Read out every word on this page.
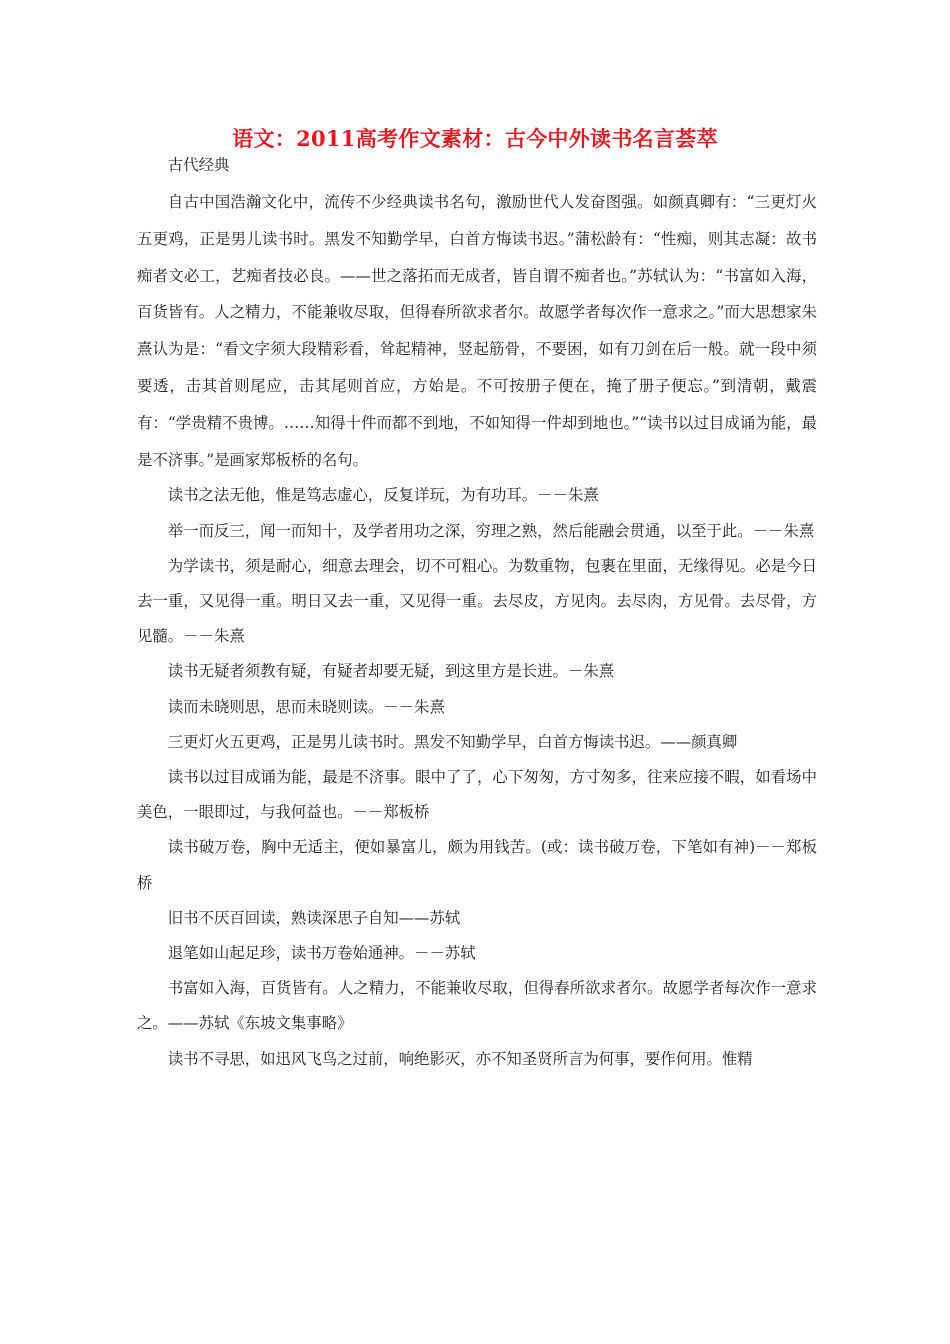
语文：2011高考作文素材：古今中外读书名言荟萃

古代经典

自古中国浩瀚文化中，流传不少经典读书名句，激励世代人发奋图强。如颜真卿有：“三更灯火五更鸡，正是男儿读书时。黑发不知勤学早，白首方悔读书迟。”蒲松龄有：“性痴，则其志凝：故书痴者文必工，艺痴者技必良。——世之落拓而无成者，皆自谓不痴者也。”苏轼认为：“书富如入海，百货皆有。人之精力，不能兼收尽取，但得春所欲求者尔。故愿学者每次作一意求之。”而大思想家朱熹认为是：“看文字须大段精彩看，耸起精神，竖起筋骨，不要困，如有刀剑在后一般。就一段中须要透，击其首则尾应，击其尾则首应，方始是。不可按册子便在，掩了册子便忘。”到清朝，戴震有：“学贵精不贵博。……知得十件而都不到地，不如知得一件却到地也。”“读书以过目成诵为能，最是不济事。”是画家郑板桥的名句。

读书之法无他，惟是笃志虚心，反复详玩，为有功耳。－－朱熹

举一而反三，闻一而知十，及学者用功之深，穷理之熟，然后能融会贯通，以至于此。－－朱熹

为学读书，须是耐心，细意去理会，切不可粗心。为数重物，包裹在里面，无缘得见。必是今日去一重，又见得一重。明日又去一重，又见得一重。去尽皮，方见肉。去尽肉，方见骨。去尽骨，方见髓。－－朱熹

读书无疑者须教有疑，有疑者却要无疑，到这里方是长进。－朱熹

读而未晓则思，思而未晓则读。－－朱熹

三更灯火五更鸡，正是男儿读书时。黑发不知勤学早，白首方悔读书迟。——颜真卿

读书以过目成诵为能，最是不济事。眼中了了，心下匆匆，方寸匆多，往来应接不暇，如看场中美色，一眼即过，与我何益也。－－郑板桥

读书破万卷，胸中无适主，便如暴富儿，颇为用钱苦。(或：读书破万卷，下笔如有神)－－郑板桥

旧书不厌百回读，熟读深思子自知——苏轼

退笔如山起足珍，读书万卷始通神。－－苏轼

书富如入海，百货皆有。人之精力，不能兼收尽取，但得春所欲求者尔。故愿学者每次作一意求之。——苏轼《东坡文集事略》

读书不寻思，如迅风飞鸟之过前，响绝影灭，亦不知圣贤所言为何事，要作何用。惟精
